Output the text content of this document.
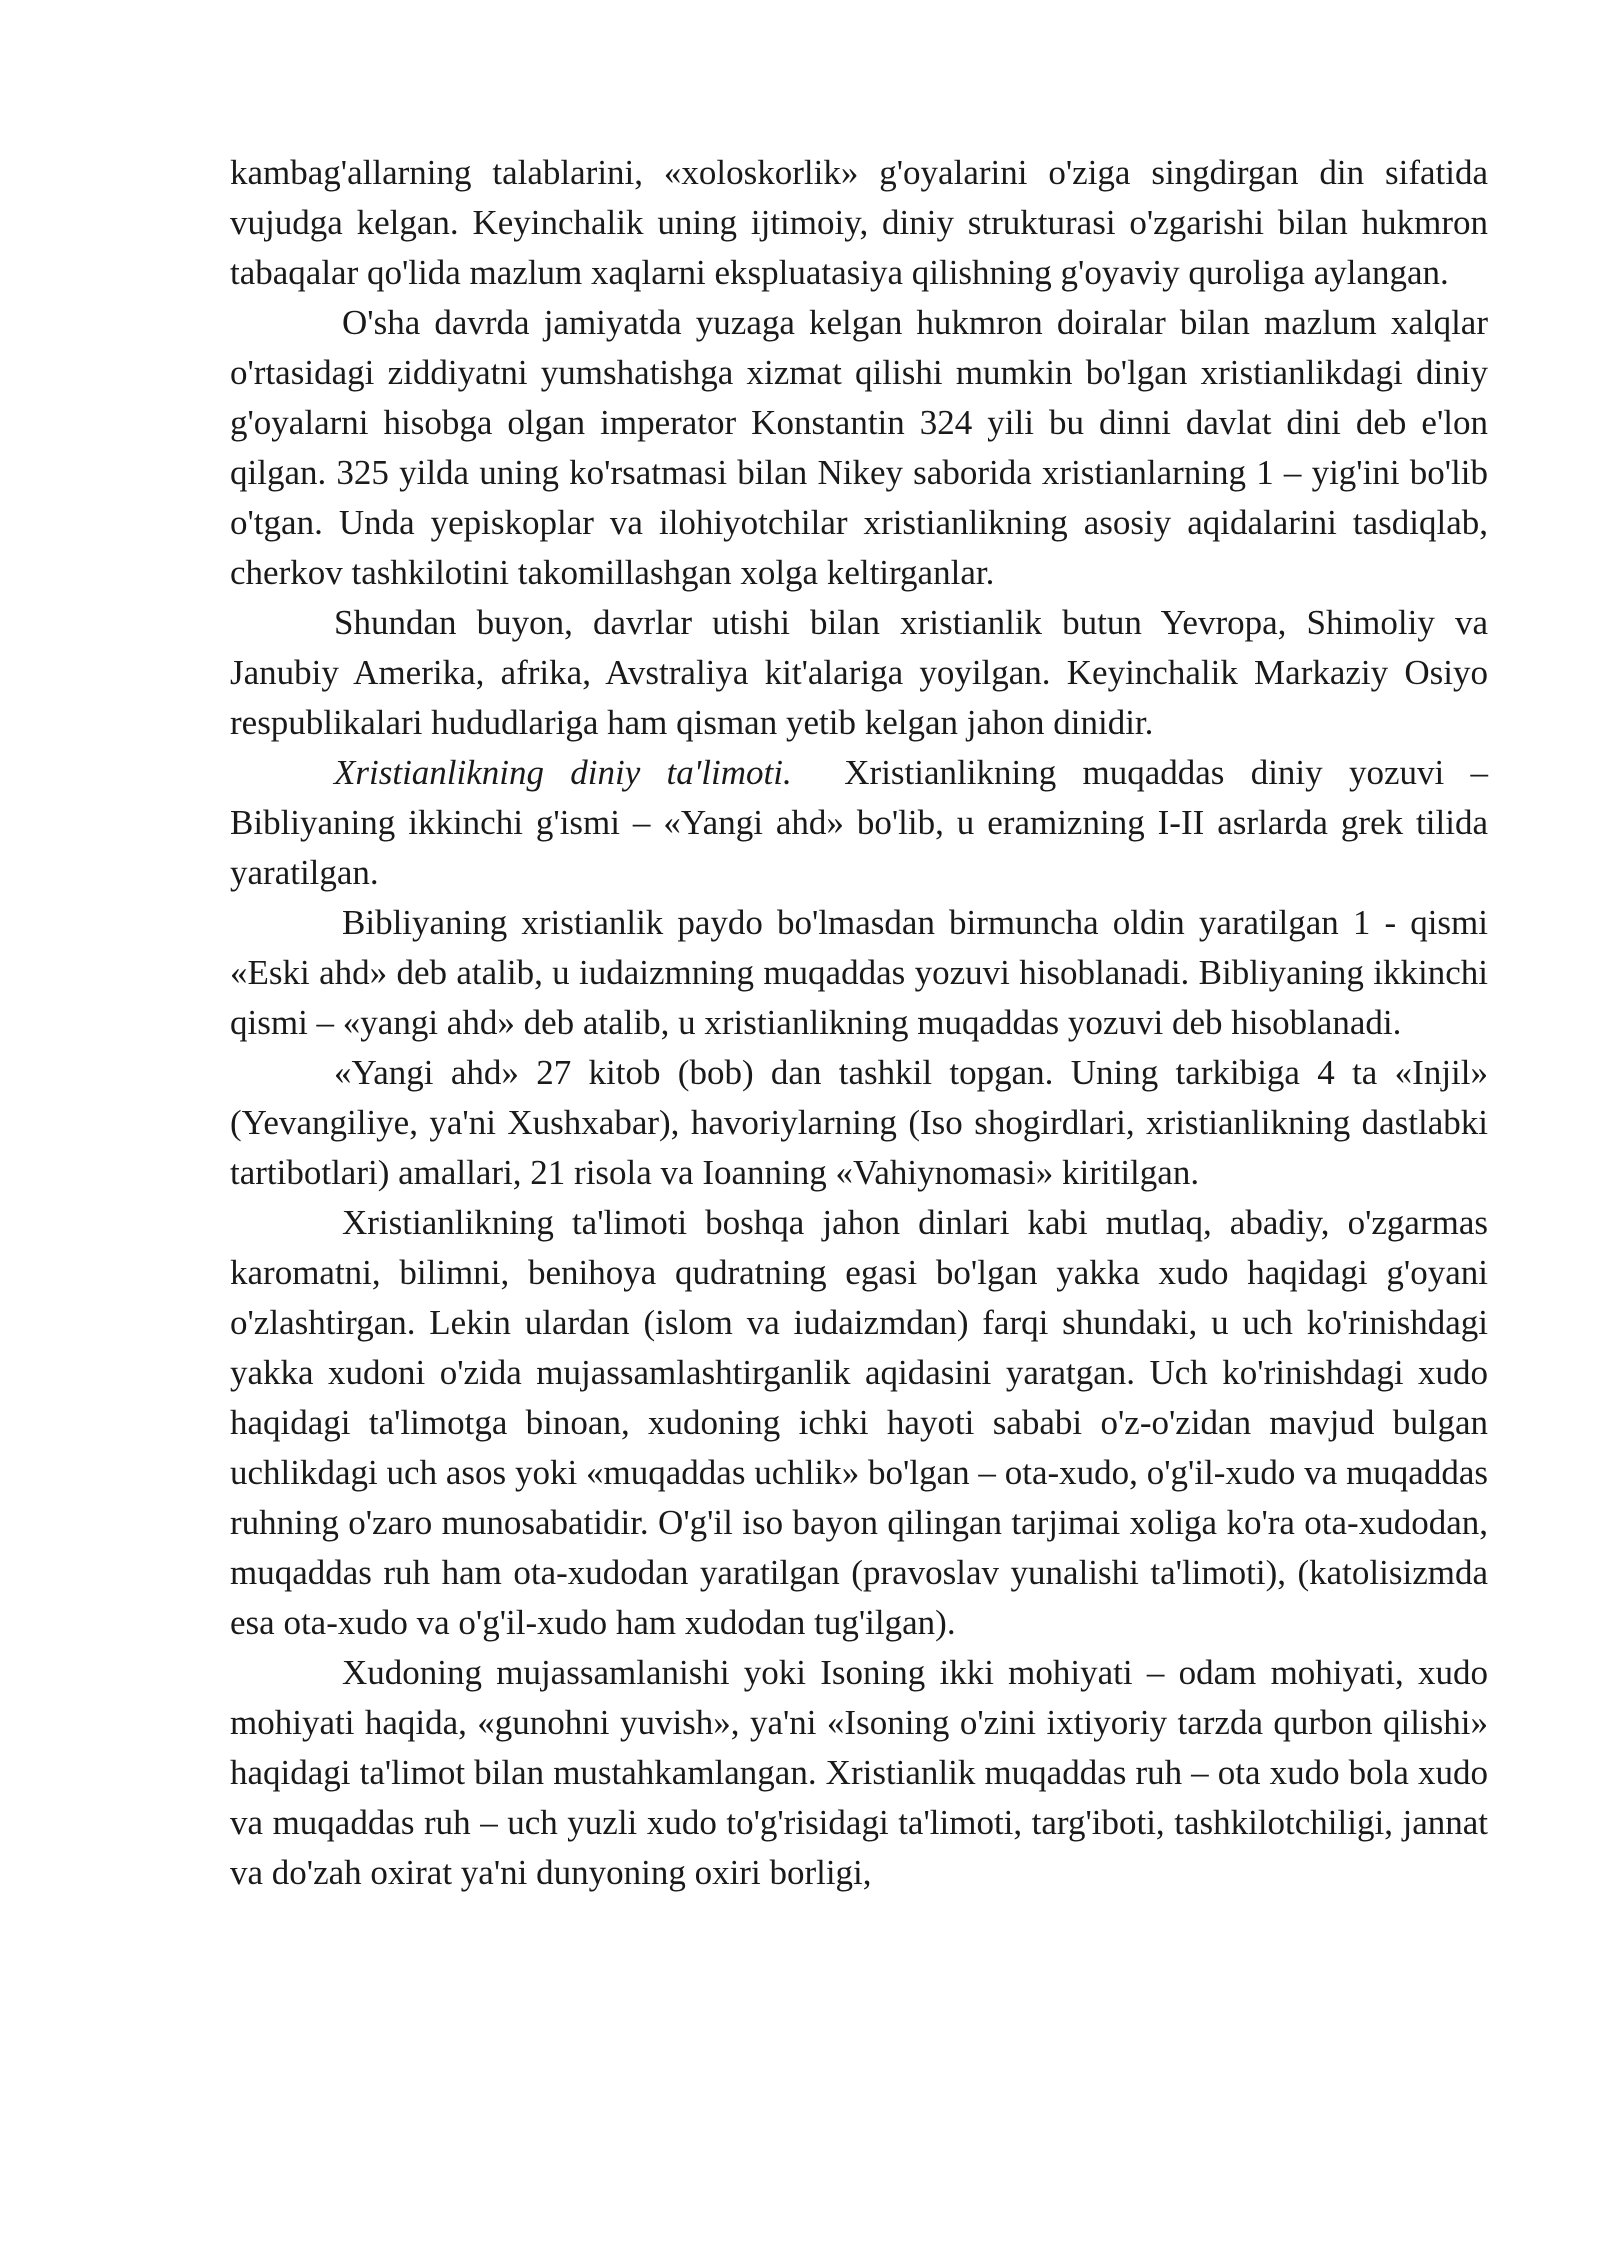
kambag'allarning talablarini, «xoloskorlik» g'oyalarini o'ziga singdirgan din sifatida vujudga kelgan. Keyinchalik uning ijtimoiy, diniy strukturasi o'zgarishi bilan hukmron tabaqalar qo'lida mazlum xaqlarni ekspluatasiya qilishning g'oyaviy quroliga aylangan.

O'sha davrda jamiyatda yuzaga kelgan hukmron doiralar bilan mazlum xalqlar o'rtasidagi ziddiyatni yumshatishga xizmat qilishi mumkin bo'lgan xristianlikdagi diniy g'oyalarni hisobga olgan imperator Konstantin 324 yili bu dinni davlat dini deb e'lon qilgan. 325 yilda uning ko'rsatmasi bilan Nikey saborida xristianlarning 1 – yig'ini bo'lib o'tgan. Unda yepiskoplar va ilohiyotchilar xristianlikning asosiy aqidalarini tasdiqlab, cherkov tashkilotini takomillashgan xolga keltirganlar.

Shundan buyon, davrlar utishi bilan xristianlik butun Yevropa, Shimoliy va Janubiy Amerika, afrika, Avstraliya kit'alariga yoyilgan. Keyinchalik Markaziy Osiyo respublikalari hududlariga ham qisman yetib kelgan jahon dinidir.

Xristianlikning diniy ta'limoti. Xristianlikning muqaddas diniy yozuvi – Bibliyaning ikkinchi g'ismi – «Yangi ahd» bo'lib, u eramizning I-II asrlarda grek tilida yaratilgan.

Bibliyaning xristianlik paydo bo'lmasdan birmuncha oldin yaratilgan 1 - qismi «Eski ahd» deb atalib, u iudaizmning muqaddas yozuvi hisoblanadi. Bibliyaning ikkinchi qismi – «yangi ahd» deb atalib, u xristianlikning muqaddas yozuvi deb hisoblanadi.

«Yangi ahd» 27 kitob (bob) dan tashkil topgan. Uning tarkibiga 4 ta «Injil» (Yevangiliye, ya'ni Xushxabar), havoriylarning (Iso shogirdlari, xristianlikning dastlabki tartibotlari) amallari, 21 risola va Ioanning «Vahiynomasi» kiritilgan.

Xristianlikning ta'limoti boshqa jahon dinlari kabi mutlaq, abadiy, o'zgarmas karomatni, bilimni, benihoya qudratning egasi bo'lgan yakka xudo haqidagi g'oyani o'zlashtirgan. Lekin ulardan (islom va iudaizmdan) farqi shundaki, u uch ko'rinishdagi yakka xudoni o'zida mujassamlashtirganlik aqidasini yaratgan. Uch ko'rinishdagi xudo haqidagi ta'limotga binoan, xudoning ichki hayoti sababi o'z-o'zidan mavjud bulgan uchlikdagi uch asos yoki «muqaddas uchlik» bo'lgan – ota-xudo, o'g'il-xudo va muqaddas ruhning o'zaro munosabatidir. O'g'il iso bayon qilingan tarjimai xoliga ko'ra ota-xudodan, muqaddas ruh ham ota-xudodan yaratilgan (pravoslav yunalishi ta'limoti), (katolisizmda esa ota-xudo va o'g'il-xudo ham xudodan tug'ilgan).

Xudoning mujassamlanishi yoki Isoning ikki mohiyati – odam mohiyati, xudo mohiyati haqida, «gunohni yuvish», ya'ni «Isoning o'zini ixtiyoriy tarzda qurbon qilishi» haqidagi ta'limot bilan mustahkamlangan. Xristianlik muqaddas ruh – ota xudo bola xudo va muqaddas ruh – uch yuzli xudo to'g'risidagi ta'limoti, targ'iboti, tashkilotchiligi, jannat va do'zah oxirat ya'ni dunyoning oxiri borligi,
